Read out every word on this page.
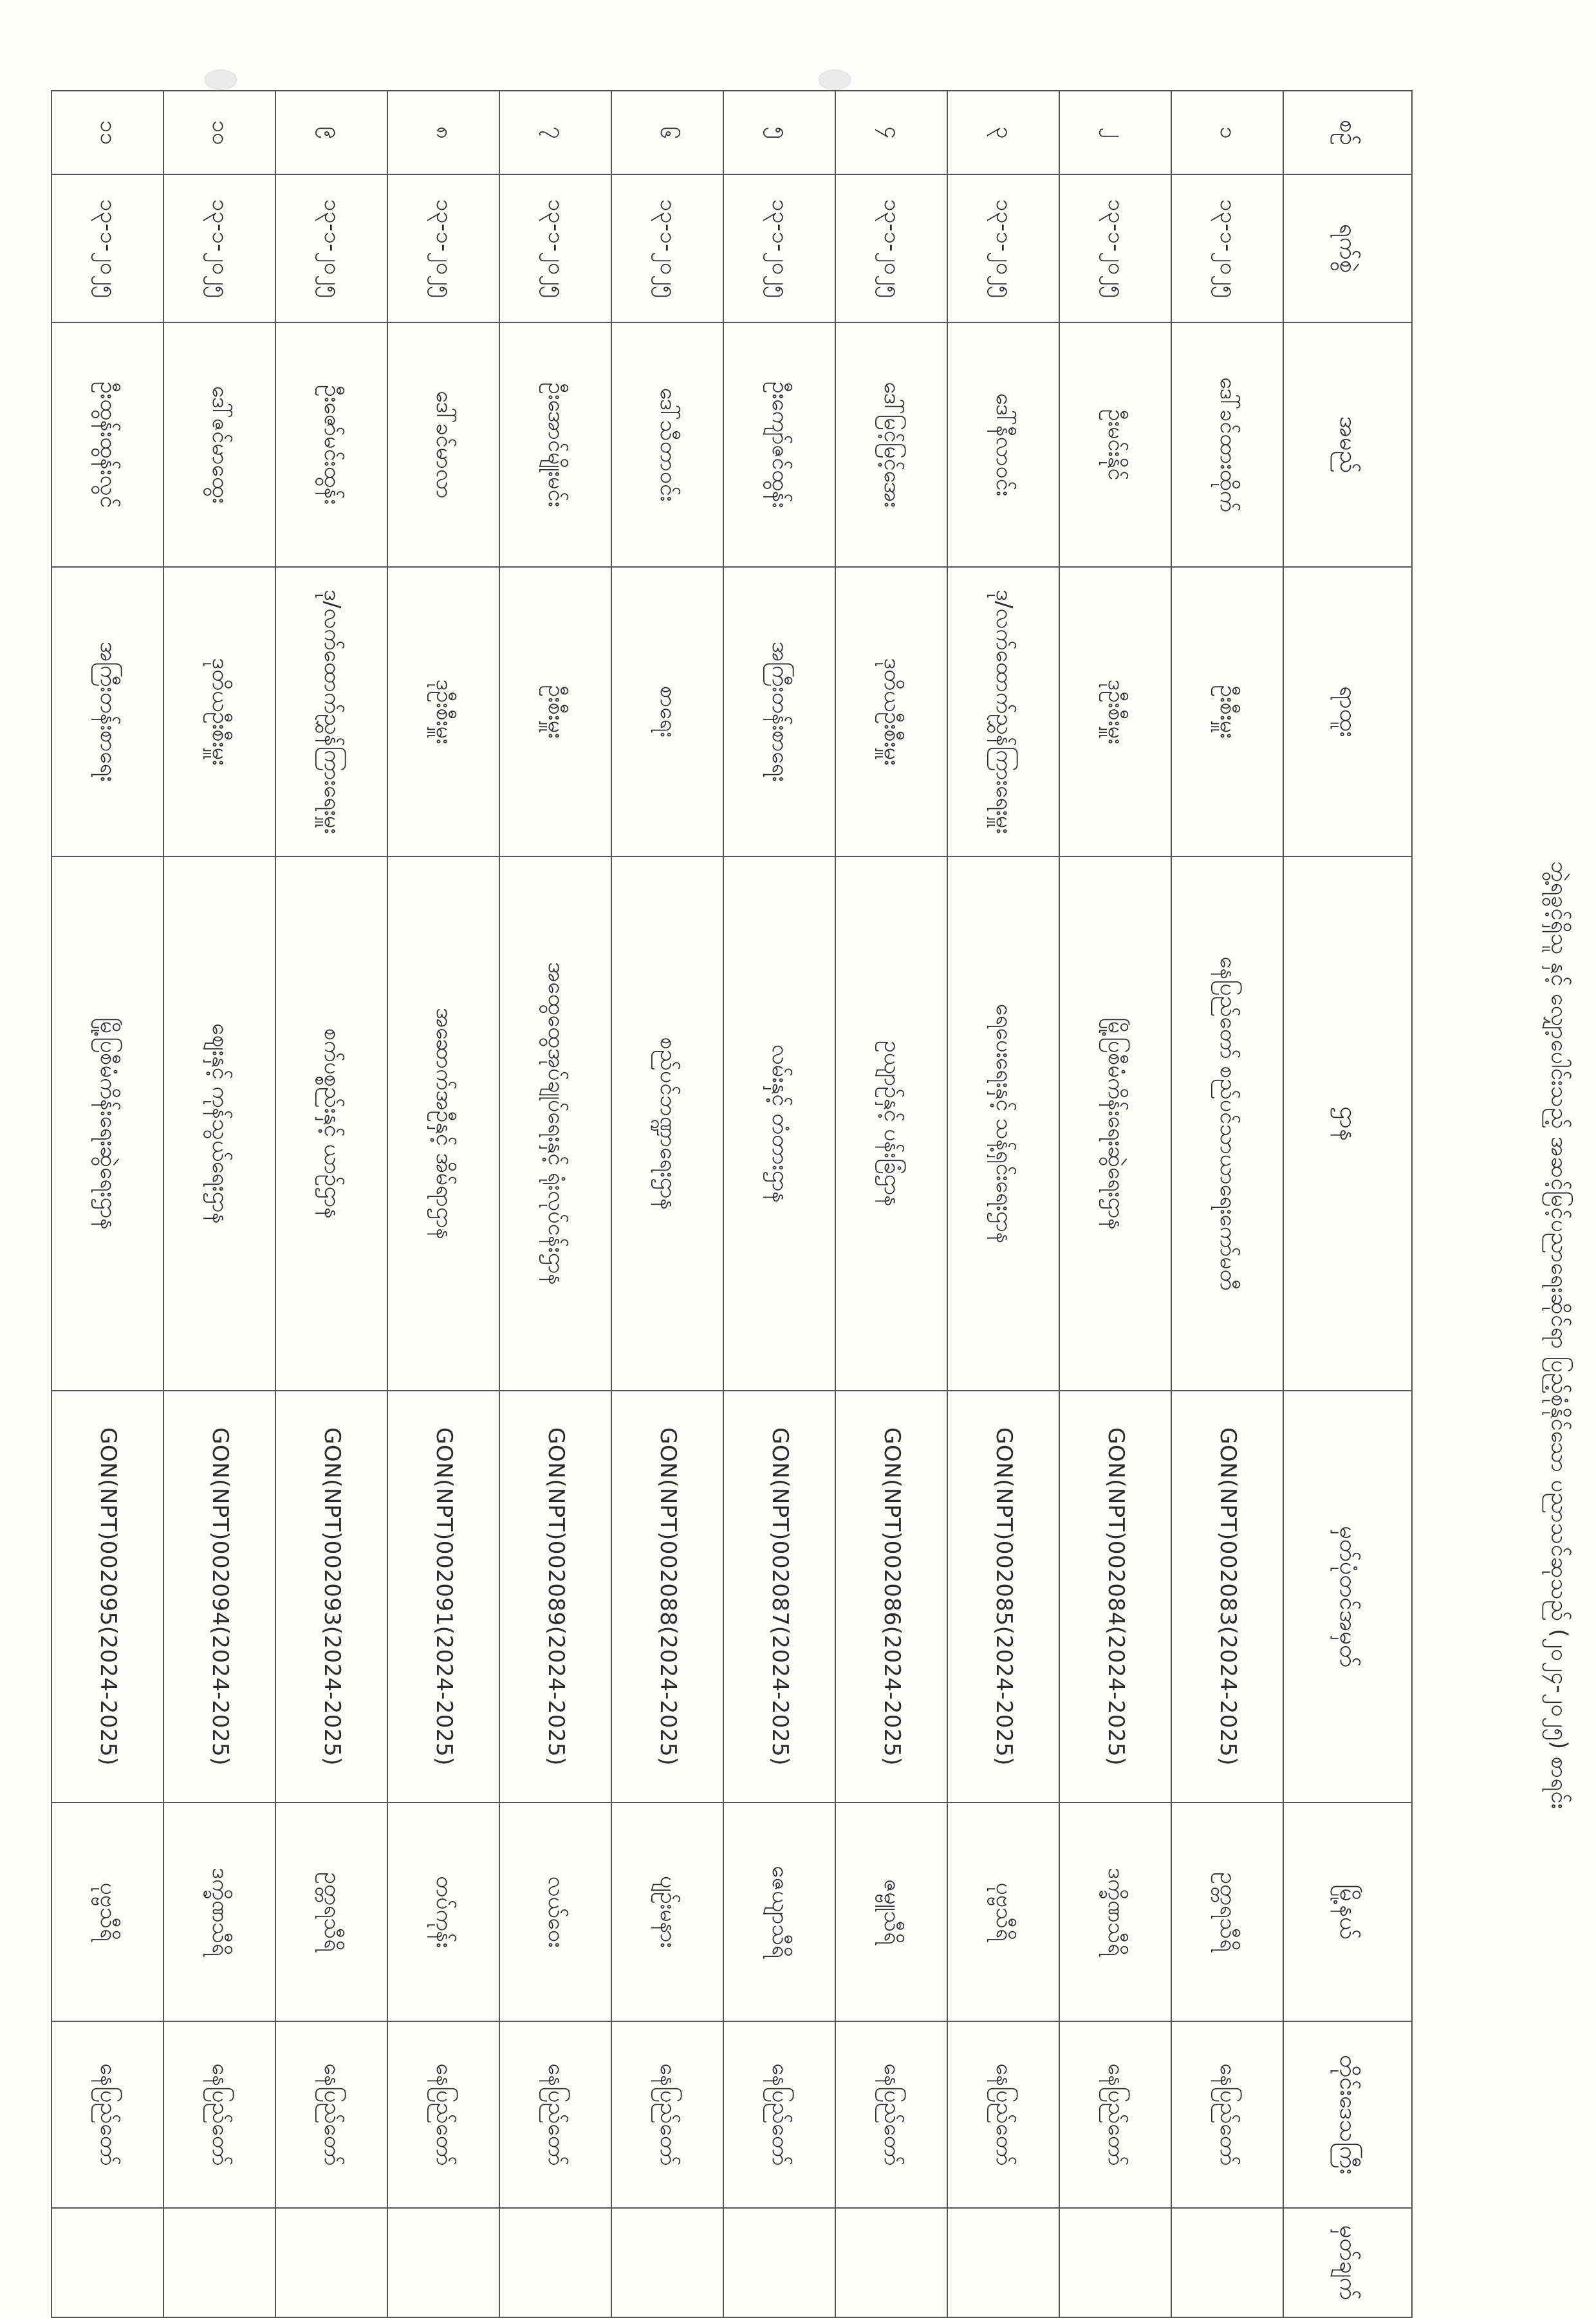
ဘွဲ့ရခွင့်ရှိသူ နှင့် လျှော့ပေါင်းသည့် အဆင့်မြင့်ပညာရေးဆိုင်ရာ ပြည့်စုံနိုင်သော ပညာသင်ဆုသည် (၂၀၂၄-၂၀၂၅) စာရင်း
စဉ်	ရက်စွဲ	အမည်	ရာထူး	ဌာန	မှတ်ပုံတင်အမှတ်	မြို့နယ်	တိုင်းဒေသကြီး	မှတ်ချက်
၁	၁၃-၁-၂၀၂၅	ဒေါ်ခင်ထားထိုက်	ဦးစီးမှူး	နေပြည်တော် စည်ပင်သာယာရေးကော်မတီ	GON(NPT)002083(2024-2025)	ဥတ္တရသီရိ	နေပြည်တော်	
၂	၁၃-၁-၂၀၂၅	ဦးမင်းနိုင်	ဒုဦးစီးမှူး	မြို့ပြစီမံကိန်းရေးဆွဲရေးဌာန	GON(NPT)002084(2024-2025)	ဒက္ခိဏသီရိ	နေပြည်တော်	
၃	၁၃-၁-၂၀၂၅	ဒေါ်နီလာဝင်း	ဒု/လက်ထောက်ညွှန်ကြားရေးမှူး	ရေပေးရေးနှင့် သန့်ရှင်းရေးဌာန	GON(NPT)002085(2024-2025)	ပုဗ္ဗသီရိ	နေပြည်တော်	
၄	၁၃-၁-၂၀၂၅	ဒေါ်မြင့်မြင့်အေး	ဒုတိယဦးစီးမှူး	ဥယျာဉ်နှင့် ပန်းခြံဌာန	GON(NPT)002086(2024-2025)	ဇမ္ဗူသီရိ	နေပြည်တော်	
၅	၁၃-၁-၂၀၂၅	ဦးကျော်ဇင်ထွန်း	အကြီးတန်းစာရေး	လမ်းနှင့် တံတားဌာန	GON(NPT)002087(2024-2025)	ဇေယျာသီရိ	နေပြည်တော်	
၆	၁၃-၁-၂၀၂၅	ဒေါ်သီတာဝင်း	စာရေး	စည်ပင်ဘဏ္ဍာရေးဌာန	GON(NPT)002088(2024-2025)	ပျဉ်းမနား	နေပြည်တော်	
၇	၁၃-၁-၂၀၂၅	ဦးအောင်မျိုးမင်း	ဦးစီးမှူး	အထွေထွေအုပ်ချုပ်ရေးနှင့် ရုံးလုပ်ငန်းဌာန	GON(NPT)002089(2024-2025)	လယ်ဝေး	နေပြည်တော်	
၈	၁၃-၁-၂၀၂၅	ဒေါ်ခင်မာလာ	ဒုဦးစီးမှူး	အဆောက်အဦနှင့် အိမ်ရာဌာန	GON(NPT)002091(2024-2025)	တပ်ကုန်း	နေပြည်တော်	
၉	၁၃-၁-၂၀၂၅	ဦးဇော်မင်းထွန်း	ဒု/လက်ထောက်ညွှန်ကြားရေးမှူး	စက်ပစ္စည်းနှင့် ယာဉ်ဌာန	GON(NPT)002093(2024-2025)	ဥတ္တရသီရိ	နေပြည်တော်	
၁၀	၁၃-၁-၂၀၂၅	ဒေါ်ဇင်မာထွေး	ဒုတိယဦးစီးမှူး	ဈေးနှင့် ကုန်သွယ်ရေးဌာန	GON(NPT)002094(2024-2025)	ဒက္ခိဏသီရိ	နေပြည်တော်	
၁၁	၁၃-၁-၂၀၂၅	ဦးထွန်းထွန်းလွင်	အကြီးတန်းစာရေး	မြို့ပြစီမံကိန်းရေးဆွဲရေးဌာန	GON(NPT)002095(2024-2025)	ပုဗ္ဗသီရိ	နေပြည်တော်	
